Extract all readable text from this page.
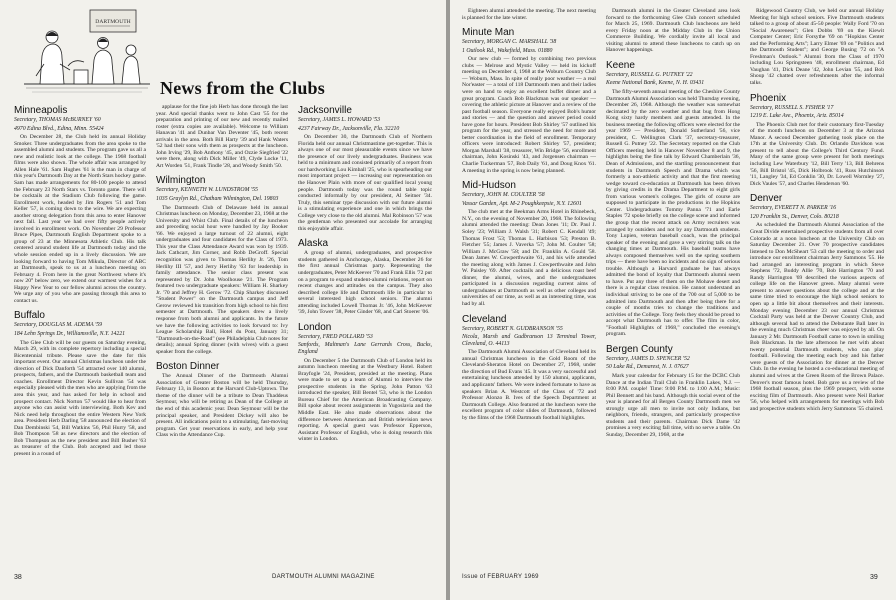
DARTMOUTH
News from the Clubs
Minneapolis
Secretary, THOMAS McBURNEY '60
4970 Edina Blvd., Edina, Minn. 55424

On December 28, the Club held its annual Holiday Smoker. Three undergraduates from the area spoke to the assembled alumni and students. The program gave us all a new and realistic look at the college. The 1968 football films were also shown. The whole affair was arranged by Allen Hale '61. Sam Hughes '61 is the man in charge of this year's Dartmouth Day at the North Stars hockey game. Sam has made arrangements for 80-100 people to attend the February 23 North Stars vs. Toronto game. There will be cocktails at the Stadium Club following the game. Enrollment work, headed by Jim Rogers '51 and Tom Keller '57, is coming down to the wire. We are expecting another strong delegation from this area to enter Hanover next fall. Last year we had over fifty people actively involved in enrollment work. On November 29 Professor Bruce Pipes, Dartmouth English Department spoke to a group of 23 at the Minnesota Athletic Club. His talk centered around student life at Dartmouth today and the whole session ended up in a lively discussion. We are looking forward to having Tom Mikula, Director of ABC at Dartmouth, speak to us at a luncheon meeting on February 4. From here in the great Northwest where it's now 20° below zero, we extend our warmest wishes for a Happy New Year to our fellow alumni across the country. We urge any of you who are passing through this area to contact us.

Buffalo
Secretary, DOUGLAS M. ADEMA '59
184 Lehn Springs Dr., Williamsville, N.Y. 14221

The Glee Club will be our guests on Saturday evening, March 29, with its complete repertory including a special Bicentennial tribute. Please save the date for this important event. Our annual Christmas luncheon under the direction of Dick Danforth '54 attracted over 140 alumni, prospects, fathers, and the Dartmouth basketball team and coaches. Enrollment Director Kevin Sullivan '54 was especially pleased with the men who are applying from the area this year, and has asked for help in school and prospect contact. Nick Norton '57 would like to hear from anyone who can assist with interviewing. Both Kev and Nick need help throughout the entire Western New York area. President Herb Darling '58 announced the election of Dan Dembinski '54, Bill Watkins '56, Phil Hurry '58, and Bob Thompson '58 as new directors and the election of Bob Thompson as the new president and Bill Busher '63 as treasurer of the Club. Bob accepted and led those present in a round of

applause for the fine job Herb has done through the last year. And special thanks went to John Cast '55 for the preparation and printing of our new and recently mailed roster (extra copies are available). Welcome to William Hanavan '41 and Dunbar Van Deventer '45, both recent arrivals in the area. Both Bill Harty '39 and Hank Waters '52 had their sons with them as prospects at the luncheon. John Irving '29, Bob Anthony '45, and Ozzie Siegfried '22 were there, along with Dick Miller '49, Clyde Locke '11, Art Worden '51, Frank Tindle '28, and Woody Smith '50.

Wilmington
Secretary, KENNETH W. LUNDSTROM '55
1035 Graylyn Rd., Chatham Wilmington, Del. 19803

The Dartmouth Club of Delaware held its annual Christmas luncheon on Monday, December 23, 1968 at the University and Whist Club. Final details of the luncheon and preceding social hour were handled by Jay Booker '66. We enjoyed a large turnout of 22 alumni, eight undergraduates and four candidates for the Class of 1973. This year the Class Attendance Award was won by 1939. Jack Cathcart, Jim Corner, and Robb DeGroff. Special recognition was given to Thomas Herlihy Jr. '26, Tom Herlihy III '57, and Jerry Herlihy '63 for leadership in family attendance. The senior class present was represented by Dr. John Woolhouse '21. The Program featured two undergraduate speakers: William H. Sharkey Jr. '70 and Jeffrey H. Gerow '72. Chip Sharkey discussed "Student Power" on the Dartmouth campus and Jeff Gerow reviewed his transition from high school to his first semester at Dartmouth. The speakers drew a lively response from both alumni and applicants. In the future we have the following activities to look forward to: Ivy League Scholarship Ball, Hotel du Pont, January 31; "Dartmouth-on-the-Road" (see Philadelphia Club notes for details); annual Spring dinner (with wives) with a guest speaker from the college.

Boston Dinner

The Annual Dinner of the Dartmouth Alumni Association of Greater Boston will be held Thursday, February 13, in Boston at the Harvard Club-Uptown. The theme of the dinner will be a tribute to Dean Thaddeus Seymour, who will be retiring as Dean of the College at the end of this academic year. Dean Seymour will be the principal speaker, and President Dickey will also be present. All indications point to a stimulating, fast-moving program. Get your reservations in early, and help your Class win the Attendance Cup.

Jacksonville
Secretary, JAMES L. HOWARD '53
4237 Fairway Dr., Jacksonville, Fla. 32210

On December 30, the Dartmouth Club of Northern Florida held our annual Christmastime get-together. This is always one of our most pleasurable events since we have the presence of our lively undergraduates. Business was held to a minimum and consisted primarily of a report from our hardworking Lou Kimball '25, who is spearheading our most important project — increasing our representation on the Hanover Plain with more of our qualified local young people. Dartmouth today was the round table topic conducted informally by our president, Al Seitner '34. Truly, this seminar type discussion with our future alumni is a stimulating experience and one in which brings the College very close to the old alumni. Mal Robinson '57 was the gentleman who presented our accolade for arranging this enjoyable affair.

Alaska

A group of alumni, undergraduates, and prospective students gathered in Anchorage, Alaska, December 26 for the first annual Christmas party. Representing the undergraduates, Peter McKeever '70 and Frank Ellis '72 put on a program to expand student-alumni relations, report on recent changes and attitudes on the campus. They also described college life and Dartmouth life in particular to several interested high school seniors. The alumni attending included Lowell Thomas Jr. '46, John McKeever '39, John Tower '38, Peter Ginder '68, and Carl Stoerer '06.

London
Secretary, FRED POLLARD '53
Sanfords, Maltman's Lane Gerrards Cross, Bucks, England

On December 5 the Dartmouth Club of London held its autumn luncheon meeting at the Westbury Hotel. Robert Brayfogle '24, President, presided at the meeting. Plans were made to set up a team of Alumni to interview the prospective students in the Spring. John Patton '63 introduced the speaker, Bill Bentel '53, who is the London Bureau Chief for the American Broadcasting Company. Bill spoke about recent assignments in Yugoslavia and the Middle East. He also made observations about the difference between American and British television news reporting. A special guest was Professor Epperson, Assistant Professor of English, who is doing research this winter in London.

38	DARTMOUTH ALUMNI MAGAZINE

Eighteen alumni attended the meeting. The next meeting is planned for the late winter.

Minute Man
Secretary, MORGAN C. MARSHALL '38
1 Outlook Rd., Wakefield, Mass. 01880

Our new club — formed by combining two previous clubs — Melrose and Mystic Valley — held its kickoff meeting on December 4, 1968 at the Woburn Country Club — Woburn, Mass. In spite of really poor weather — a real Nor'easter — a total of 118 Dartmouth men and their ladies were on hand to enjoy an excellent buffet dinner and a great program. Coach Bob Blackman was our speaker — covering the athletic picture at Hanover and a review of the past football season. Everyone really enjoyed Bob's humor and stories — and the question and answer period could have gone for hours. President Bob Shirley '57 outlined his program for the year, and stressed the need for more and better coordination in the field of enrollment. Temporary officers were introduced: Robert Shirley '57, president; Morgan Marshall '38, treasurer, Win Bridge '56, enrollment chairman, John Kosinski '43, and Jorgensen chairman — Charlie Tuckerman '57, Bob Daily '61, and Doug Knox '61. A meeting in the spring is now being planned.

Mid-Hudson
Secretary, JOHN M. COULTER '58
Vassar Garden, Apt. M-2 Poughkeepsie, N.Y. 12601

The club met at the Beekman Arms Hotel in Rhinebeck, N.Y., on the evening of November 20, 1968. The following alumni attended the meeting: Dean Jones '11; Dr. Paul J. Soley '23; William J. Walsh '31; Robert C. Kendall '49; Thomas Frost '53; Thomas L. Harbison '53; Preston B. Fletcher '55; James J. Vaverka '57; John M. Coulter '58; William J. McGraw '58; and Dr. Franklin A. Gould '58. Dean James W. Cowperthwaite '61, and his wife attended the meeting along with James J. Cowperthwaite and John W. Paisley '69. After cocktails and a delicious roast beef dinner, the alumni, wives, and the undergraduates participated in a discussion regarding current aims of undergraduates at Dartmouth as well as other colleges and universities of our time, as well as an interesting time, was had by all.

Cleveland
Secretary, ROBERT N. GUDBRANSON '55
Nicola, Marsh and Gudbranson 13 Terminal Tower, Cleveland, O. 44113

The Dartmouth Alumni Association of Cleveland held its annual Christmas luncheon in the Gold Room of the Cleveland-Sheraton Hotel on December 27, 1968, under the direction of Bud Evans '45. It was a very successful and entertaining luncheon attended by 150 alumni, applicants, and applicants' fathers. We were indeed fortunate to have as speakers Brian A. Westcott of the Class of '72 and Professor Alonzo B. Ives of the Speech Department at Dartmouth College. Also featured at the luncheon were the excellent program of color slides of Dartmouth, followed by the films of the 1968 Dartmouth football highlights.

Dartmouth alumni in the Greater Cleveland area look forward to the forthcoming Glee Club concert scheduled for March 25, 1969. Dartmouth Club luncheons are held every Friday noon at the Midday Club in the Union Commerce Building. We cordially invite all local and visiting alumni to attend these luncheons to catch up on Hanover happenings.

Keene
Secretary, RUSSELL G. PUTNEY '22
Keene National Bank, Keene, N. H. 03431

The fifty-seventh annual meeting of the Cheshire County Dartmouth Alumni Association was held Thursday evening, December 26, 1968. Although the weather was somewhat decimated by the zero weather and that bug from Hong Kong sixty hardy members and guests attended. In the business meeting the following officers were elected for the year 1969 — President, Donald Sutherland '56, vice president, C. Wellington Clark '37, secretary-treasurer, Russell G. Putney '22. The Secretary reported on the Club Officers meeting held in Hanover November 8 and 9, the highlights being the fine talk by Edward Chamberlain '36, Dean of Admissions, and the startling pronouncement that students in Dartmouth Speech and Drama which was formerly a non-athletic activity and that the first meeting wedge toward co-education at Dartmouth has been driven by giving credits in the Drama Department to eight girls from various women's colleges. The girls of course are supposed to participate in the productions in the Hopkins Center. Undergraduates Tommy Panna '71 and Earle Staples '72 spoke briefly on the college scene and informed the group that the recent attack on Army recruiters was arranged by outsiders and not by any Dartmouth students. Tony Lupien, veteran baseball coach, was the principal speaker of the evening and gave a very stirring talk on the changing times at Dartmouth. His baseball teams have always composed themselves well on the spring southern trips — there have been no incidents and no sign of serious trouble. Although a Harvard graduate he has always admitted the bond of loyalty that Dartmouth alumni seem to have. Put any three of them on the Mohave desert and there is a regular class reunion. He cannot understand an individual striving to be one of the 700 out of 5,000 to be admitted into Dartmouth and then after being there for a couple of months tries to change the traditions and activities of the College. Tony feels they should be proud to accept what Dartmouth has to offer. The film in color, "Football Highlights of 1968," concluded the evening's program.

Bergen County
Secretary, JAMES D. SPENCER '52
50 Lake Rd., Demarest, N. J. 07627

Mark your calendar for February 15 for the DCBC Club Dance at the Indian Trail Club in Franklin Lakes, N.J. — 8:00 P.M. couple! Time: 9:00 P.M. to 1:00 A.M.; Music: Phil Bennett and his band. Although this social event of the year is planned for all Bergen County Dartmouth men we strongly urge all men to invite not only Indians, but neighbors, friends, strangers, and particularly prospective students and their parents. Chairman Dick Dame '42 promises a very exciting fall time, with no serve a table. On Sunday, December 29, 1968, at the

Ridgewood Country Club, we held our annual Holiday Meeting for high school seniors. Five Dartmouth students talked to a group of about 45-50 people: Wally Ford '70 on "Social Awareness"; Glen Dobbs '69 on the Kiewit Computer Center; Eric Forsythe '69 on "Hopkins Center and the Performing Arts"; Larry Elmer '69 on "Politics and the Dartmouth Student"; and George Busing '72 on "A Freshman's Outlook." Alumni from the Class of 1970 including Lou Springsteen '48, enrollment chairman, Ed Vaughan '41, Dick Deane '42, John Levian '55, and Bob Shoup '42 chatted over refreshments after the informal talks.

Phoenix
Secretary, RUSSELL S. FISHER '17
1219 E. Lake Ave., Phoenix, Ariz. 85014

The Phoenix Club met for their customary first-Tuesday of the month luncheon on December 3 at the Arizona Manor. A second December gathering took place on the 17th at the University Club. Dr. Orlando Davidson was present to tell about the College's Third Century Fund. Many of the same group were present for both meetings including Lew Waterbury '12, Bill Terry '13, Bill Behrens '56, Bill Bristol '45, Dick Holbrook '41, Russ Hutchinson '11, Langley '34, Ed Conklin '30, Dr. Lowell Wormley '27, Dick Vaules '57, and Charles Henderson '60.

Denver
Secretary, EVERETT N. PARKER '16
120 Franklin St., Denver, Colo. 80218

As scheduled the Dartmouth Alumni Association of the Great Divide entertained prospective students from all over Colorado at a noon luncheon at the University Club on Saturday December 21. Over 70 prospective candidates listened to Don McSheart '53 call the meeting to order and introduce our enrollment chairman Jerry Sammons '55. He had arranged an interesting program in which Steve Stephens '72, Buddy Allie '70, Bob Harrington '70 and Randy Harrington '69 described the various aspects of college life on the Hanover green. Many alumni were present to answer questions about the college and at the same time tried to encourage the high school seniors to open up a little bit about themselves and their interests. Monday evening December 23 our annual Christmas Cocktail Party was held at the Denver Country Club, and although several had to attend the Debutante Ball later in the evening much Christmas cheer was enjoyed by all. On January 2 Mr. Dartmouth Football came to town in smiling Bob Blackman. In the late afternoon he met with about twenty potential Dartmouth students, who can play football. Following the meeting each boy and his father were guests of the Association for dinner at the Denver Club. In the evening he hosted a co-educational meeting of alumni and wives at the Green Room of the Brown Palace. Denver's most famous hotel. Bob gave us a review of the 1968 football season, plus the 1969 prospect, with some exciting film of Dartmouth. Also present were Neil Barker '56, who helped with arrangements for meetings with Bob and prospective students which Jerry Sammons '55 chaired.

Issue of FEBRUARY 1969	39
